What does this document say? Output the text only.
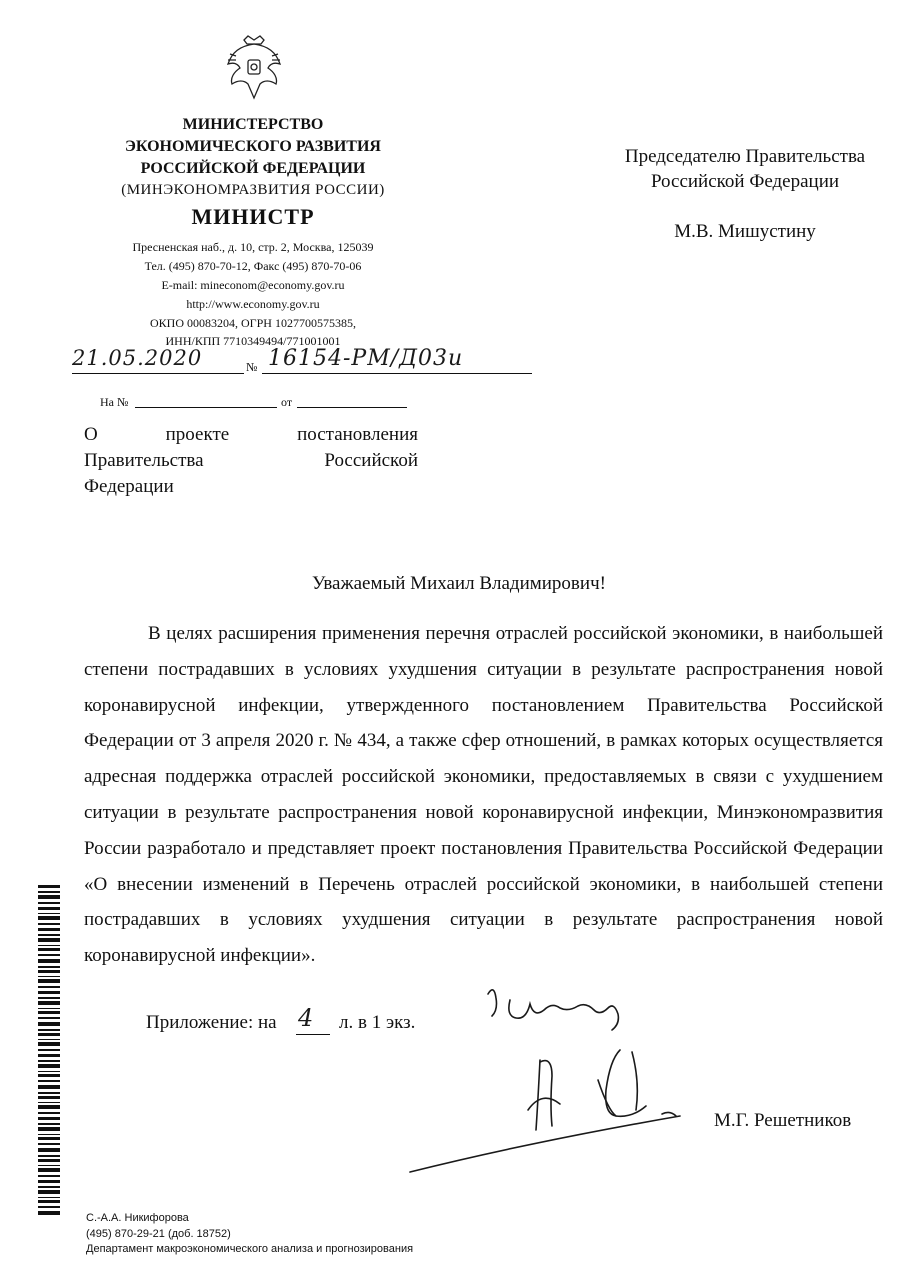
МИНИСТЕРСТВО
ЭКОНОМИЧЕСКОГО РАЗВИТИЯ
РОССИЙСКОЙ ФЕДЕРАЦИИ
(МИНЭКОНОМРАЗВИТИЯ РОССИИ)
МИНИСТР
Пресненская наб., д. 10, стр. 2, Москва, 125039
Тел. (495) 870-70-12, Факс (495) 870-70-06
E-mail: mineconom@economy.gov.ru
http://www.economy.gov.ru
ОКПО 00083204, ОГРН 1027700575385,
ИНН/КПП 7710349494/771001001
21.05.2020	№ 16154-РМ/Д03и
На №	от
О	проекте	постановления
Правительства	Российской
Федерации
Председателю Правительства
Российской Федерации
М.В. Мишустину
Уважаемый Михаил Владимирович!
В целях расширения применения перечня отраслей российской экономики, в наибольшей степени пострадавших в условиях ухудшения ситуации в результате распространения новой коронавирусной инфекции, утвержденного постановлением Правительства Российской Федерации от 3 апреля 2020 г. № 434, а также сфер отношений, в рамках которых осуществляется адресная поддержка отраслей российской экономики, предоставляемых в связи с ухудшением ситуации в результате распространения новой коронавирусной инфекции, Минэкономразвития России разработало и представляет проект постановления Правительства Российской Федерации «О внесении изменений в Перечень отраслей российской экономики, в наибольшей степени пострадавших в условиях ухудшения ситуации в результате распространения новой коронавирусной инфекции».
Приложение: на 4 л. в 1 экз.
М.Г. Решетников
С.-А.А. Никифорова
(495) 870-29-21 (доб. 18752)
Департамент макроэкономического анализа и прогнозирования
